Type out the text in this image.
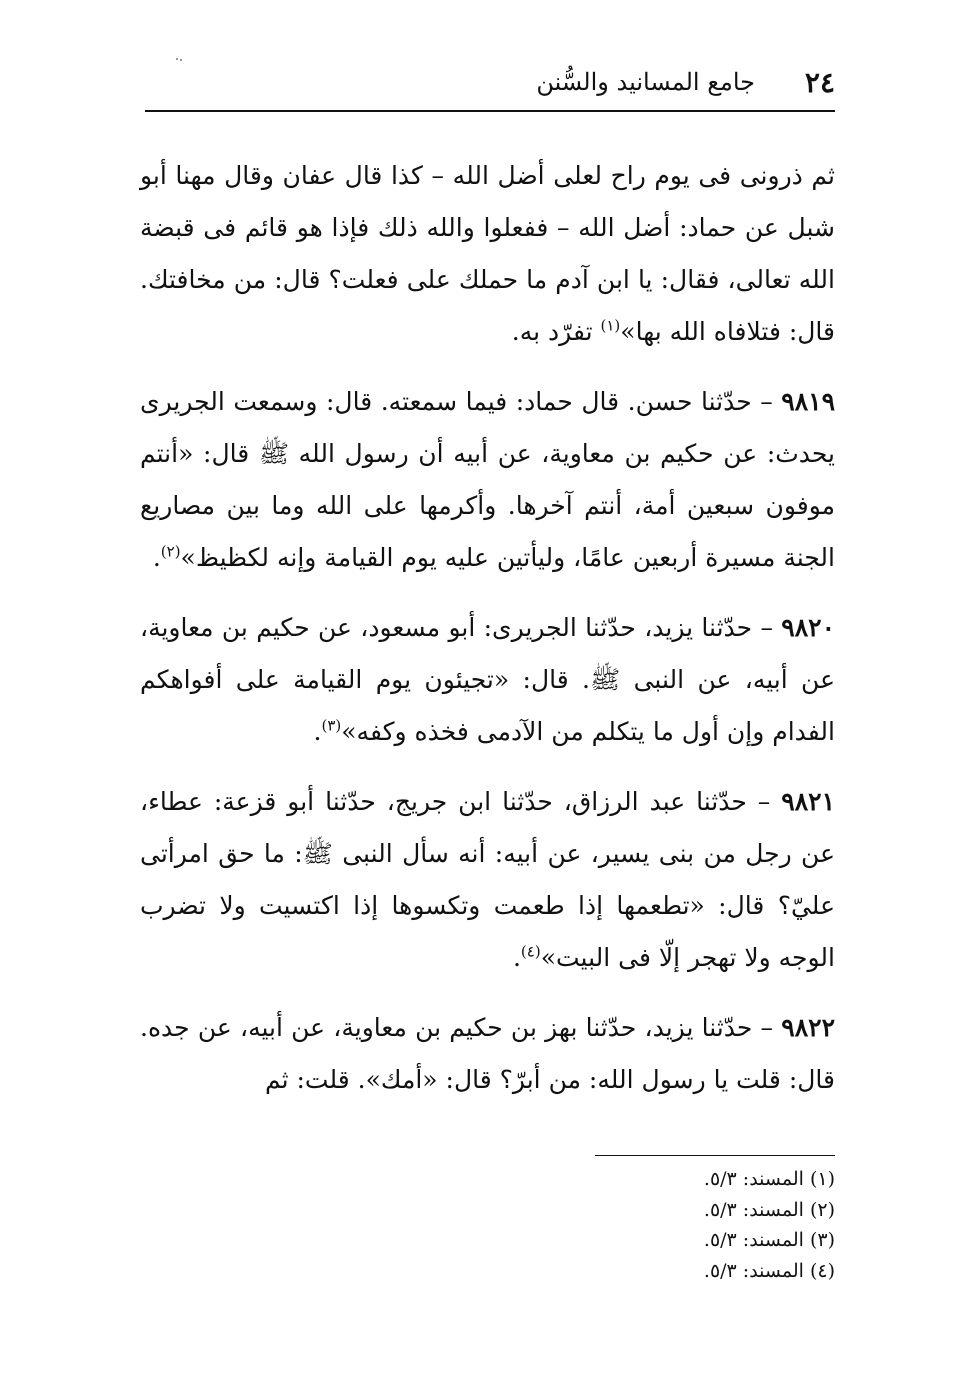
٢٤
جامع المسانيد والسُّنن

ثم ذرونى فى يوم راح لعلى أضل الله – كذا قال عفان وقال مهنا أبو شبل عن حماد: أضل الله – ففعلوا والله ذلك فإذا هو قائم فى قبضة الله تعالى، فقال: يا ابن آدم ما حملك على فعلت؟ قال: من مخافتك. قال: فتلافاه الله بها»$^{(١)}$ تفرّد به.

٩٨١٩ – حدّثنا حسن. قال حماد: فيما سمعته. قال: وسمعت الجريرى يحدث: عن حكيم بن معاوية، عن أبيه أن رسول الله ﷺ قال: «أنتم موفون سبعين أمة، أنتم آخرها. وأكرمها على الله وما بين مصاريع الجنة مسيرة أربعين عامًا، وليأتين عليه يوم القيامة وإنه لكظيظ»$^{(٢)}$.

٩٨٢٠ – حدّثنا يزيد، حدّثنا الجريرى: أبو مسعود، عن حكيم بن معاوية، عن أبيه، عن النبى ﷺ. قال: «تجيئون يوم القيامة على أفواهكم الفدام وإن أول ما يتكلم من الآدمى فخذه وكفه»$^{(٣)}$.

٩٨٢١ – حدّثنا عبد الرزاق، حدّثنا ابن جريج، حدّثنا أبو قزعة: عطاء، عن رجل من بنى يسير، عن أبيه: أنه سأل النبى ﷺ: ما حق امرأتى عليّ؟ قال: «تطعمها إذا طعمت وتكسوها إذا اكتسيت ولا تضرب الوجه ولا تهجر إلّا فى البيت»$^{(٤)}$.

٩٨٢٢ – حدّثنا يزيد، حدّثنا بهز بن حكيم بن معاوية، عن أبيه، عن جده. قال: قلت يا رسول الله: من أبرّ؟ قال: «أمك». قلت: ثم

(١) المسند: ٥/٣.
(٢) المسند: ٥/٣.
(٣) المسند: ٥/٣.
(٤) المسند: ٥/٣.
